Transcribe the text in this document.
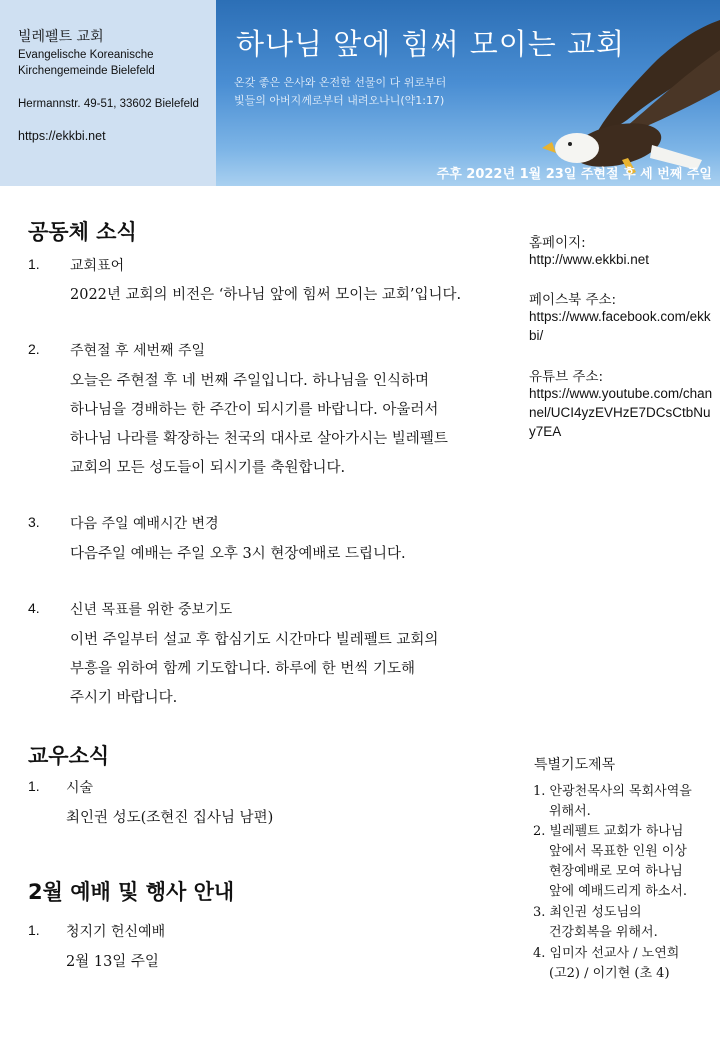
빌레펠트 교회
Evangelische Koreanische
Kirchengemeinde Bielefeld
Hermannstr. 49-51, 33602 Bielefeld
https://ekkbi.net
하나님 앞에 힘써 모이는 교회
온갖 좋은 은사와 온전한 선물이 다 위로부터
빛들의 아버지께로부터 내려오나니(약1:17)
주후 2022년 1월 23일 주현절 후 세 번째 주일
공동체 소식
1. 교회표어
2022년 교회의 비전은 ‘하나님 앞에 힘써 모이는 교회’입니다.
2. 주현절 후 세번째 주일
오늘은 주현절 후 네 번째 주일입니다. 하나님을 인식하며
하나님을 경배하는 한 주간이 되시기를 바랍니다. 아울러서
하나님 나라를 확장하는 천국의 대사로 살아가시는 빌레펠트
교회의 모든 성도들이 되시기를 축원합니다.
3. 다음 주일 예배시간 변경
다음주일 예배는 주일 오후 3시 현장예배로 드립니다.
4. 신년 목표를 위한 중보기도
이번 주일부터 설교 후 합심기도 시간마다 빌레펠트 교회의
부흥을 위하여 함께 기도합니다. 하루에 한 번씩 기도해
주시기 바랍니다.
교우소식
1. 시술
최인권 성도(조현진 집사님 남편)
2월 예배 및 행사 안내
1. 청지기 헌신예배
2월 13일 주일
홈페이지:
http://www.ekkbi.net
페이스북 주소:
https://www.facebook.com/ekkbi/
유튜브 주소:
https://www.youtube.com/channel/UCI4yzEVHzE7DCsCtbNuy7EA
특별기도제목
1. 안광천목사의 목회사역을
위해서.
2. 빌레펠트 교회가 하나님
앞에서 목표한 인원 이상
현장예배로 모여 하나님
앞에 예배드리게 하소서.
3. 최인권 성도님의
건강회복을 위해서.
4. 임미자 선교사 / 노연희
(고2) / 이기현 (초 4)
